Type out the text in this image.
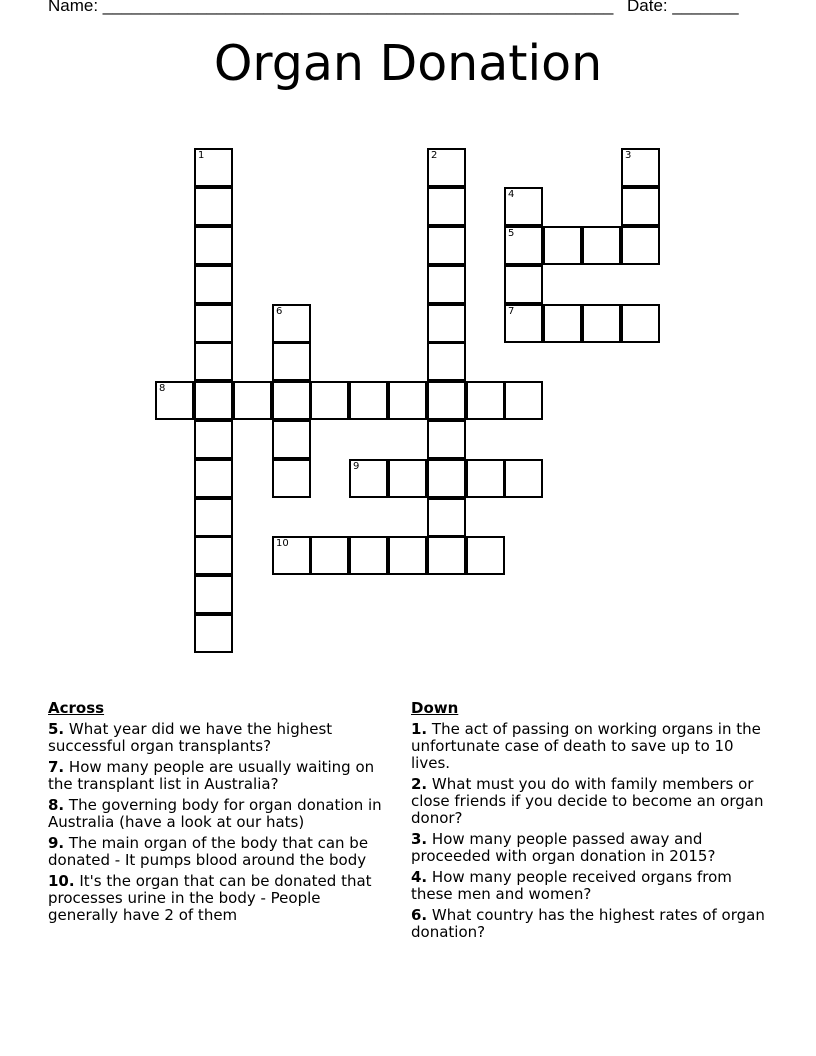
Name: ______________________________________________________ Date: _______
Organ Donation
1	2	3
4
5
7
6
8
9
10
Across
5. What year did we have the highest successful organ transplants?
7. How many people are usually waiting on the transplant list in Australia?
8. The governing body for organ donation in Australia (have a look at our hats)
9. The main organ of the body that can be donated - It pumps blood around the body
10. It's the organ that can be donated that processes urine in the body - People generally have 2 of them
Down
1. The act of passing on working organs in the unfortunate case of death to save up to 10 lives.
2. What must you do with family members or close friends if you decide to become an organ donor?
3. How many people passed away and proceeded with organ donation in 2015?
4. How many people received organs from these men and women?
6. What country has the highest rates of organ donation?
